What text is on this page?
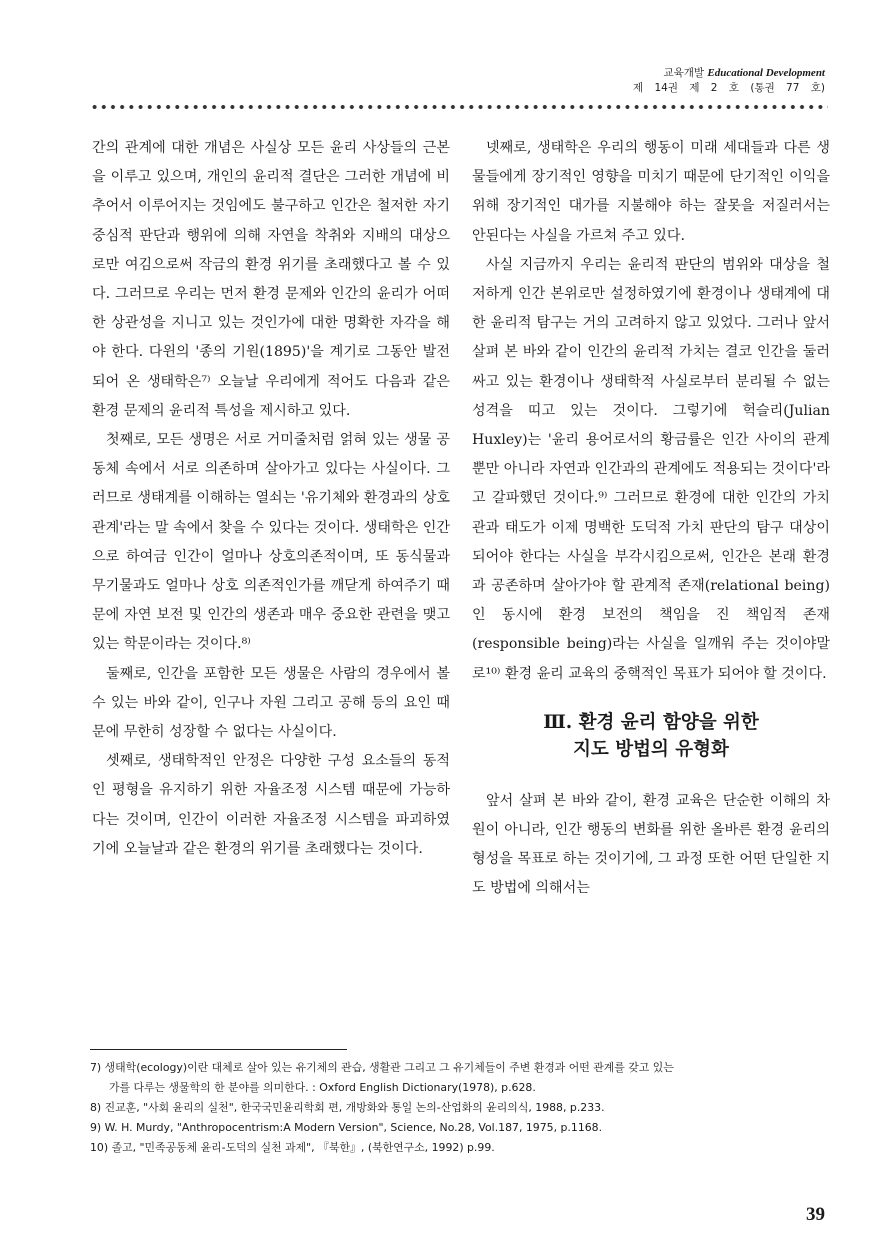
교육개발 Educational Development
제 14권 제 2 호 (통권 77 호)

간의 관계에 대한 개념은 사실상 모든 윤리 사상들의 근본을 이루고 있으며, 개인의 윤리적 결단은 그러한 개념에 비추어서 이루어지는 것임에도 불구하고 인간은 철저한 자기중심적 판단과 행위에 의해 자연을 착취와 지배의 대상으로만 여김으로써 작금의 환경 위기를 초래했다고 볼 수 있다. 그러므로 우리는 먼저 환경 문제와 인간의 윤리가 어떠한 상관성을 지니고 있는 것인가에 대한 명확한 자각을 해야 한다. 다윈의 '종의 기원(1895)'을 계기로 그동안 발전되어 온 생태학은⁷⁾ 오늘날 우리에게 적어도 다음과 같은 환경 문제의 윤리적 특성을 제시하고 있다.

첫째로, 모든 생명은 서로 거미줄처럼 얽혀 있는 생물 공동체 속에서 서로 의존하며 살아가고 있다는 사실이다. 그러므로 생태계를 이해하는 열쇠는 '유기체와 환경과의 상호 관계'라는 말 속에서 찾을 수 있다는 것이다. 생태학은 인간으로 하여금 인간이 얼마나 상호의존적이며, 또 동식물과 무기물과도 얼마나 상호 의존적인가를 깨닫게 하여주기 때문에 자연 보전 및 인간의 생존과 매우 중요한 관련을 맺고 있는 학문이라는 것이다.⁸⁾

둘째로, 인간을 포함한 모든 생물은 사람의 경우에서 볼 수 있는 바와 같이, 인구나 자원 그리고 공해 등의 요인 때문에 무한히 성장할 수 없다는 사실이다.

셋째로, 생태학적인 안정은 다양한 구성 요소들의 동적인 평형을 유지하기 위한 자율조정 시스템 때문에 가능하다는 것이며, 인간이 이러한 자율조정 시스템을 파괴하였기에 오늘날과 같은 환경의 위기를 초래했다는 것이다.

넷째로, 생태학은 우리의 행동이 미래 세대들과 다른 생물들에게 장기적인 영향을 미치기 때문에 단기적인 이익을 위해 장기적인 대가를 지불해야 하는 잘못을 저질러서는 안된다는 사실을 가르쳐 주고 있다.

사실 지금까지 우리는 윤리적 판단의 범위와 대상을 철저하게 인간 본위로만 설정하였기에 환경이나 생태계에 대한 윤리적 탐구는 거의 고려하지 않고 있었다. 그러나 앞서 살펴 본 바와 같이 인간의 윤리적 가치는 결코 인간을 둘러싸고 있는 환경이나 생태학적 사실로부터 분리될 수 없는 성격을 띠고 있는 것이다. 그렇기에 헉슬리(Julian Huxley)는 '윤리 용어로서의 황금률은 인간 사이의 관계 뿐만 아니라 자연과 인간과의 관계에도 적용되는 것이다'라고 갈파했던 것이다.⁹⁾ 그러므로 환경에 대한 인간의 가치관과 태도가 이제 명백한 도덕적 가치 판단의 탐구 대상이 되어야 한다는 사실을 부각시킴으로써, 인간은 본래 환경과 공존하며 살아가야 할 관계적 존재(relational being)인 동시에 환경 보전의 책임을 진 책임적 존재(responsible being)라는 사실을 일깨워 주는 것이야말로¹⁰⁾ 환경 윤리 교육의 중핵적인 목표가 되어야 할 것이다.

Ⅲ. 환경 윤리 함양을 위한
지도 방법의 유형화

앞서 살펴 본 바와 같이, 환경 교육은 단순한 이해의 차원이 아니라, 인간 행동의 변화를 위한 올바른 환경 윤리의 형성을 목표로 하는 것이기에, 그 과정 또한 어떤 단일한 지도 방법에 의해서는

7) 생태학(ecology)이란 대체로 살아 있는 유기체의 관습, 생활관 그리고 그 유기체들이 주변 환경과 어떤 관계를 갖고 있는
가를 다루는 생물학의 한 분야를 의미한다. : Oxford English Dictionary(1978), p.628.
8) 진교훈, "사회 윤리의 실천", 한국국민윤리학회 편, 개방화와 통일 논의-산업화의 윤리의식, 1988, p.233.
9) W. H. Murdy, "Anthropocentrism:A Modern Version", Science, No.28, Vol.187, 1975, p.1168.
10) 졸고, "민족공동체 윤리-도덕의 실천 과제", 『북한』, (북한연구소, 1992) p.99.
39
